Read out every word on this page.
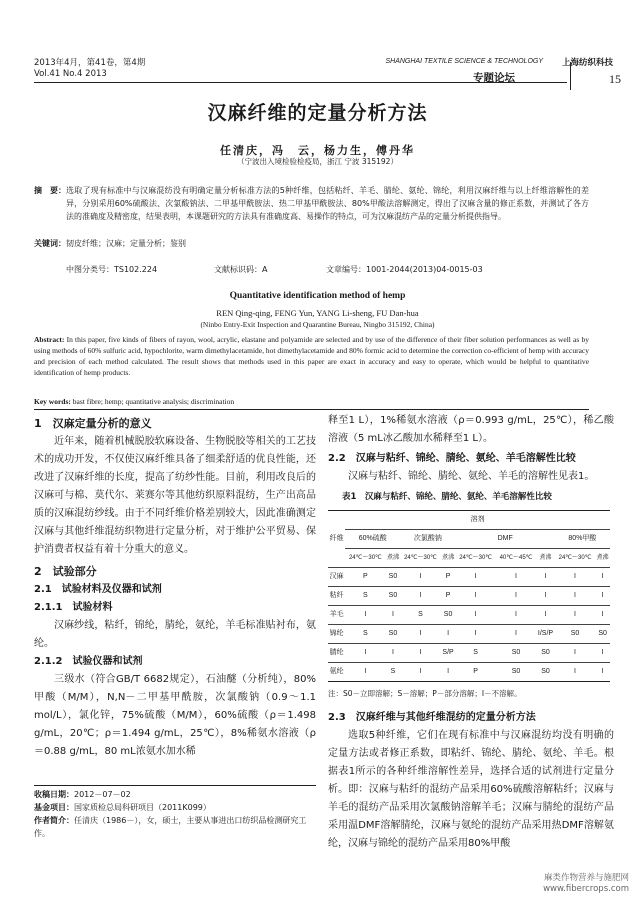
2013年4月，第41卷，第4期
Vol.41 No.4 2013
SHANGHAI TEXTILE SCIENCE & TECHNOLOGY 上海纺织科技
专题论坛	15
汉麻纤维的定量分析方法
任清庆，冯　云，杨力生，傅丹华
（宁波出入境检验检疫局，浙江 宁波 315192）
摘　要： 选取了现有标准中与汉麻混纺没有明确定量分析标准方法的5种纤维，包括粘纤、羊毛、腈纶、氨纶、锦纶，利用汉麻纤维与以上纤维溶解性的差异，分别采用60%硫酸法、次氯酸钠法、二甲基甲酰胺法、热二甲基甲酰胺法、80%甲酸法溶解测定，得出了汉麻含量的修正系数，并测试了各方法的准确度及精密度，结果表明，本课题研究的方法具有准确度高、易操作的特点，可为汉麻混纺产品的定量分析提供指导。
关键词： 韧皮纤维；汉麻；定量分析；鉴别
中图分类号：TS102.224	文献标识码：A	文章编号：1001-2044(2013)04-0015-03
Quantitative identification method of hemp
REN Qing-qing, FENG Yun, YANG Li-sheng, FU Dan-hua
(Ninbo Entry-Exit Inspection and Quarantine Bureau, Ningbo 315192, China)
Abstract: In this paper, five kinds of fibers of rayon, wool, acrylic, elastane and polyamide are selected and by use of the difference of their fiber solution performances as well as by using methods of 60% sulfuric acid, hypochlorite, warm dimethylacetamide, hot dimethylacetamide and 80% formic acid to determine the correction co-efficient of hemp with accuracy and precision of each method calculated. The result shows that methods used in this paper are exact in accuracy and easy to operate, which would be helpful to quantitative identification of hemp products.
Key words: bast fibre; hemp; quantitative analysis; discrimination
1　汉麻定量分析的意义

近年来，随着机械脱胶软麻设备、生物脱胶等相关的工艺技术的成功开发，不仅使汉麻纤维具备了细柔舒适的优良性能，还改进了汉麻纤维的长度，提高了纺纱性能。目前，利用改良后的汉麻可与棉、莫代尔、莱赛尔等其他纺织原料混纺，生产出高品质的汉麻混纺纱线。由于不同纤维价格差别较大，因此准确测定汉麻与其他纤维混纺织物进行定量分析，对于维护公平贸易、保护消费者权益有着十分重大的意义。

2　试验部分
2.1　试验材料及仪器和试剂
2.1.1　试验材料

汉麻纱线，粘纤，锦纶，腈纶，氨纶，羊毛标准贴衬布，氨纶。

2.1.2　试验仪器和试剂

三级水（符合GB/T 6682规定），石油醚（分析纯），80%甲酸（M/M），N,N－二甲基甲酰胺，次氯酸钠（0.9～1.1 mol/L），氯化锌，75%硫酸（M/M），60%硫酸（ρ＝1.498 g/mL，20℃；ρ＝1.494 g/mL，25℃），8%稀氨水溶液（ρ＝0.88 g/mL，80 mL浓氨水加水稀

收稿日期：2012－07－02
基金项目：国家质检总局科研项目（2011K099）
作者简介：任清庆（1986－），女，硕士，主要从事进出口纺织品检测研究工作。

释至1 L），1%稀氨水溶液（ρ＝0.993 g/mL，25℃），稀乙酸溶液（5 mL冰乙酸加水稀释至1 L）。

2.2　汉麻与粘纤、锦纶、腈纶、氨纶、羊毛溶解性比较

汉麻与粘纤、锦纶、腈纶、氨纶、羊毛的溶解性见表1。

表1　汉麻与粘纤、锦纶、腈纶、氨纶、羊毛溶解性比较
纤维	溶剂								
	60%硫酸		次氯酸钠		DMF			80%甲酸	
	24℃～30℃	煮沸	24℃～30℃	煮沸	24℃～30℃	40℃～45℃	煮沸	24℃～30℃	煮沸
汉麻	P	S0	I	P	I	I	I	I	I
粘纤	S	S0	I	P	I	I	I	I	I
羊毛	I	I	S	S0	I	I	I	I	I
锦纶	S	S0	I	I	I	I	I/S/P	S0	S0
腈纶	I	I	I	S/P	S	S0	S0	I	I
氨纶	I	S	I	I	P	S0	S0	I	I
注：S0－立即溶解；S－溶解；P－部分溶解；I－不溶解。
2.3　汉麻纤维与其他纤维混纺的定量分析方法

选取5种纤维，它们在现有标准中与汉麻混纺均没有明确的定量方法或者修正系数，即粘纤、锦纶、腈纶、氨纶、羊毛。根据表1所示的各种纤维溶解性差异，选择合适的试剂进行定量分析。即：汉麻与粘纤的混纺产品采用60%硫酸溶解粘纤；汉麻与羊毛的混纺产品采用次氯酸钠溶解羊毛；汉麻与腈纶的混纺产品采用温DMF溶解腈纶，汉麻与氨纶的混纺产品采用热DMF溶解氨纶，汉麻与锦纶的混纺产品采用80%甲酸

麻类作物营养与施肥网
www.fibercrops.com
